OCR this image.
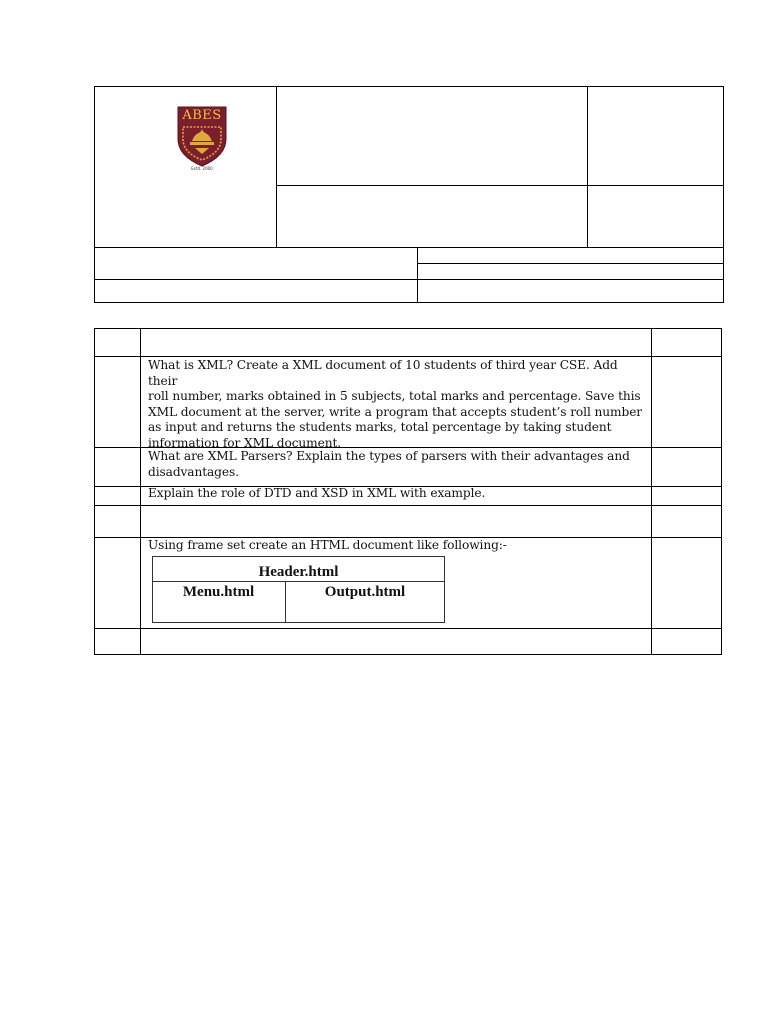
ABES
Estd. 2000
What is XML? Create a XML document of 10 students of third year CSE. Add their
roll number, marks obtained in 5 subjects, total marks and percentage. Save this
XML document at the server, write a program that accepts student’s roll number
as input and returns the students marks, total percentage by taking student
information for XML document.
What are XML Parsers? Explain the types of parsers with their advantages and
disadvantages.
Explain the role of DTD and XSD in XML with example.
Using frame set create an HTML document like following:-
Header.html
Menu.html	Output.html
